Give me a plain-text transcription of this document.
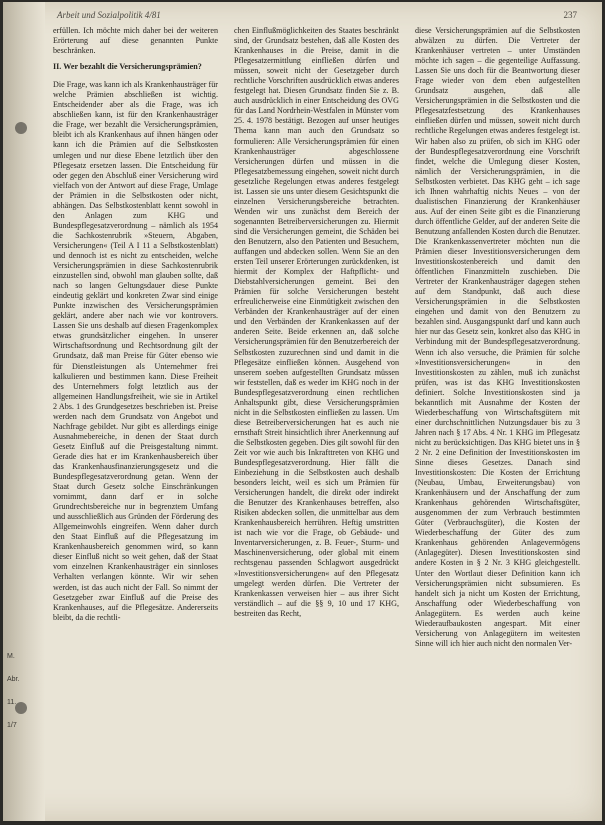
Arbeit und Sozialpolitik 4/81	237
M.
Abr.
11.
1/7

erfüllen. Ich möchte mich daher bei der weiteren Erörterung auf diese genannten Punkte beschränken.

II. Wer bezahlt die Versicherungsprämien?

Die Frage, was kann ich als Krankenhausträger für welche Prämien abschließen ist wichtig. Entscheidender aber als die Frage, was ich abschließen kann, ist für den Krankenhausträger die Frage, wer bezahlt die Versicherungsprämien, bleibt ich als Krankenhaus auf ihnen hängen oder kann ich die Prämien auf die Selbstkosten umlegen und nur diese Ebene letztlich über den Pflegesatz ersetzen lassen. Die Entscheidung für oder gegen den Abschluß einer Versicherung wird vielfach von der Antwort auf diese Frage, Umlage der Prämien in die Selbstkosten oder nicht, abhängen. Das Selbstkostenblatt kennt sowohl in den Anlagen zum KHG und Bundespflegesatzverordnung – nämlich als 1954 die Sachkostenrubrik »Steuern, Abgaben, Versicherungen« (Teil A I 11 a Selbstkostenblatt) und dennoch ist es nicht zu entscheiden, welche Versicherungsprämien in diese Sachkostenrubrik einzustellen sind, obwohl man glauben sollte, daß nach so langen Geltungsdauer diese Punkte eindeutig geklärt und konkreten Zwar sind einige Punkte inzwischen des Versicherungsprämien geklärt, andere aber nach wie vor kontrovers. Lassen Sie uns deshalb auf diesen Fragenkomplex etwas grundsätzlicher eingehen. In unserer Wirtschaftsordnung und Rechtsordnung gilt der Grundsatz, daß man Preise für Güter ebenso wie für Dienstleistungen als Unternehmer frei kalkulieren und bestimmen kann. Diese Freiheit des Unternehmers folgt letztlich aus der allgemeinen Handlungsfreiheit, wie sie in Artikel 2 Abs. 1 des Grundgesetzes beschrieben ist. Preise werden nach dem Grundsatz von Angebot und Nachfrage gebildet. Nur gibt es allerdings einige Ausnahmebereiche, in denen der Staat durch Gesetz Einfluß auf die Preisgestaltung nimmt. Gerade dies hat er im Krankenhausbereich über das Krankenhausfinanzierungsgesetz und die Bundespflegesatzverordnung getan. Wenn der Staat durch Gesetz solche Einschränkungen vornimmt, dann darf er in solche Grundrechtsbereiche nur in begrenztem Umfang und ausschließlich aus Gründen der Förderung des Allgemeinwohls eingreifen. Wenn daher durch den Staat Einfluß auf die Pflegesatzung im Krankenhausbereich genommen wird, so kann dieser Einfluß nicht so weit gehen, daß der Staat vom einzelnen Krankenhausträger ein sinnloses Verhalten verlangen könnte. Wir wir sehen werden, ist das auch nicht der Fall. So nimmt der Gesetzgeber zwar Einfluß auf die Preise des Krankenhauses, auf die Pflegesätze. Andererseits bleibt, da die rechtli-

chen Einflußmöglichkeiten des Staates beschränkt sind, der Grundsatz bestehen, daß alle Kosten des Krankenhauses in die Preise, damit in die Pflegesatzermittlung einfließen dürfen und müssen, soweit nicht der Gesetzgeber durch rechtliche Vorschriften ausdrücklich etwas anderes festgelegt hat. Diesen Grundsatz finden Sie z. B. auch ausdrücklich in einer Entscheidung des OVG für das Land Nordrhein-Westfalen in Münster vom 25. 4. 1978 bestätigt. Bezogen auf unser heutiges Thema kann man auch den Grundsatz so formulieren: Alle Versicherungsprämien für einen Krankenhausträger abgeschlossene Versicherungen dürfen und müssen in die Pflegesatzbemessung eingehen, soweit nicht durch gesetzliche Regelungen etwas anderes festgelegt ist. Lassen sie uns unter diesem Gesichtspunkt die einzelnen Versicherungsbereiche betrachten. Wenden wir uns zunächst dem Bereich der sogenannten Betreiberversicherungen zu. Hiermit sind die Versicherungen gemeint, die Schäden bei den Benutzern, also den Patienten und Besuchern, auffangen und abdecken sollen. Wenn Sie an den ersten Teil unserer Erörterungen zurückdenken, ist hiermit der Komplex der Haftpflicht- und Diebstahlversicherungen gemeint. Bei den Prämien für solche Versicherungen besteht erfreulicherweise eine Einmütigkeit zwischen den Verbänden der Krankenhausträger auf der einen und den Verbänden der Krankenkassen auf der anderen Seite. Beide erkennen an, daß solche Versicherungsprämien für den Benutzerbereich der Selbstkosten zuzurechnen sind und damit in die Pflegesätze einfließen können. Ausgehend von unserem soeben aufgestellten Grundsatz müssen wir feststellen, daß es weder im KHG noch in der Bundespflegesatzverordnung einen rechtlichen Anhaltspunkt gibt, diese Versicherungsprämien nicht in die Selbstkosten einfließen zu lassen. Um diese Betreiberversicherungen hat es auch nie ernsthaft Streit hinsichtlich ihrer Anerkennung auf die Selbstkosten gegeben. Dies gilt sowohl für den Zeit vor wie auch bis Inkrafttreten von KHG und Bundespflegesatzverordnung. Hier fällt die Einbeziehung in die Selbstkosten auch deshalb besonders leicht, weil es sich um Prämien für Versicherungen handelt, die direkt oder indirekt die Benutzer des Krankenhauses betreffen, also Risiken abdecken sollen, die unmittelbar aus dem Krankenhausbereich herrühren. Heftig umstritten ist nach wie vor die Frage, ob Gebäude- und Inventarversicherungen, z. B. Feuer-, Sturm- und Maschinenversicherung, oder global mit einem rechtsgenau passenden Schlagwort ausgedrückt »Investitionsversicherungen« auf den Pflegesatz umgelegt werden dürfen. Die Vertreter der Krankenkassen verweisen hier – aus ihrer Sicht verständlich – auf die §§ 9, 10 und 17 KHG, bestreiten das Recht,

diese Versicherungsprämien auf die Selbstkosten abwälzen zu dürfen. Die Vertreter der Krankenhäuser vertreten – unter Umständen möchte ich sagen – die gegenteilige Auffassung. Lassen Sie uns doch für die Beantwortung dieser Frage wieder von dem eben aufgestellten Grundsatz ausgehen, daß alle Versicherungsprämien in die Selbstkosten und die Pflegesatzfestsetzung des Krankenhauses einfließen dürfen und müssen, soweit nicht durch rechtliche Regelungen etwas anderes festgelegt ist. Wir haben also zu prüfen, ob sich im KHG oder der Bundespflegesatzverordnung eine Vorschrift findet, welche die Umlegung dieser Kosten, nämlich der Versicherungsprämien, in die Selbstkosten verbietet. Das KHG geht – ich sage ich Ihnen wahrhaftig nichts Neues – von der dualistischen Finanzierung der Krankenhäuser aus. Auf der einen Seite gibt es die Finanzierung durch öffentliche Gelder, auf der anderen Seite die Benutzung anfallenden Kosten durch die Benutzer. Die Krankenkassenvertreter möchten nun die Prämien dieser Investitionsversicherungen dem Investitionskostenbereich und damit den öffentlichen Finanzmitteln zuschieben. Die Vertreter der Krankenhausträger dagegen stehen auf dem Standpunkt, daß auch diese Versicherungsprämien in die Selbstkosten eingehen und damit von den Benutzern zu bezahlen sind. Ausgangspunkt darf und kann auch hier nur das Gesetz sein, konkret also das KHG in Verbindung mit der Bundespflegesatzverordnung. Wenn ich also versuche, die Prämien für solche »Investitionsversicherungen« in den Investitionskosten zu zählen, muß ich zunächst prüfen, was ist das KHG Investitionskosten definiert. Solche Investitionskosten sind ja bekanntlich mit Ausnahme der Kosten der Wiederbeschaffung von Wirtschaftsgütern mit einer durchschnittlichen Nutzungsdauer bis zu 3 Jahren nach § 17 Abs. 4 Nr. 1 KHG im Pflegesatz nicht zu berücksichtigen. Das KHG bietet uns in § 2 Nr. 2 eine Definition der Investitionskosten im Sinne dieses Gesetzes. Danach sind Investitionskosten: Die Kosten der Errichtung (Neubau, Umbau, Erweiterungsbau) von Krankenhäusern und der Anschaffung der zum Krankenhaus gehörenden Wirtschaftsgüter, ausgenommen der zum Verbrauch bestimmten Güter (Verbrauchsgüter), die Kosten der Wiederbeschaffung der Güter des zum Krankenhaus gehörenden Anlagevermögens (Anlagegüter). Diesen Investitionskosten sind andere Kosten in § 2 Nr. 3 KHG gleichgestellt. Unter den Wortlaut dieser Definition kann ich Versicherungsprämien nicht subsumieren. Es handelt sich ja nicht um Kosten der Errichtung, Anschaffung oder Wiederbeschaffung von Anlagegütern. Es werden auch keine Wiederaufbaukosten angespart. Mit einer Versicherung von Anlagegütern im weitesten Sinne will ich hier auch nicht den normalen Ver-
